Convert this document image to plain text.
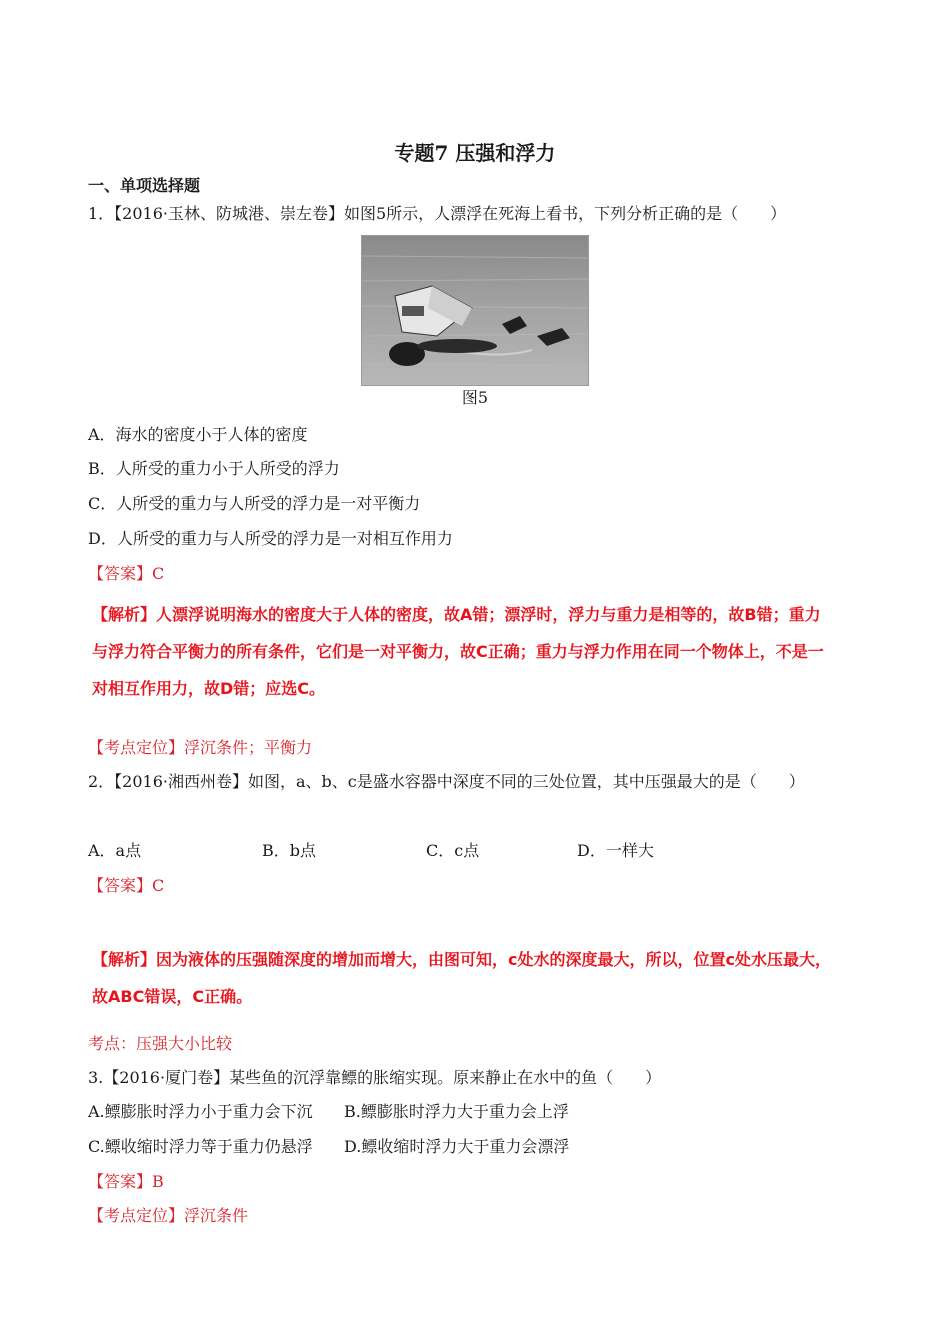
专题7 压强和浮力
一、单项选择题
1．【2016·玉林、防城港、崇左卷】如图5所示，人漂浮在死海上看书，下列分析正确的是（　　）
图5
A．海水的密度小于人体的密度
B．人所受的重力小于人所受的浮力
C．人所受的重力与人所受的浮力是一对平衡力
D．人所受的重力与人所受的浮力是一对相互作用力
【答案】C
【解析】人漂浮说明海水的密度大于人体的密度，故A错；漂浮时，浮力与重力是相等的，故B错；重力
与浮力符合平衡力的所有条件，它们是一对平衡力，故C正确；重力与浮力作用在同一个物体上，不是一
对相互作用力，故D错；应选C。
【考点定位】浮沉条件；平衡力
2．【2016·湘西州卷】如图，a、b、c是盛水容器中深度不同的三处位置，其中压强最大的是（　　）
A．a点	B．b点	C．c点	D．一样大
【答案】C
【解析】因为液体的压强随深度的增加而增大，由图可知，c处水的深度最大，所以，位置c处水压最大，
故ABC错误，C正确。
考点：压强大小比较
3.【2016·厦门卷】某些鱼的沉浮靠鳔的胀缩实现。原来静止在水中的鱼（　　）
A.鳔膨胀时浮力小于重力会下沉 B.鳔膨胀时浮力大于重力会上浮
C.鳔收缩时浮力等于重力仍悬浮 D.鳔收缩时浮力大于重力会漂浮
【答案】B
【考点定位】浮沉条件
